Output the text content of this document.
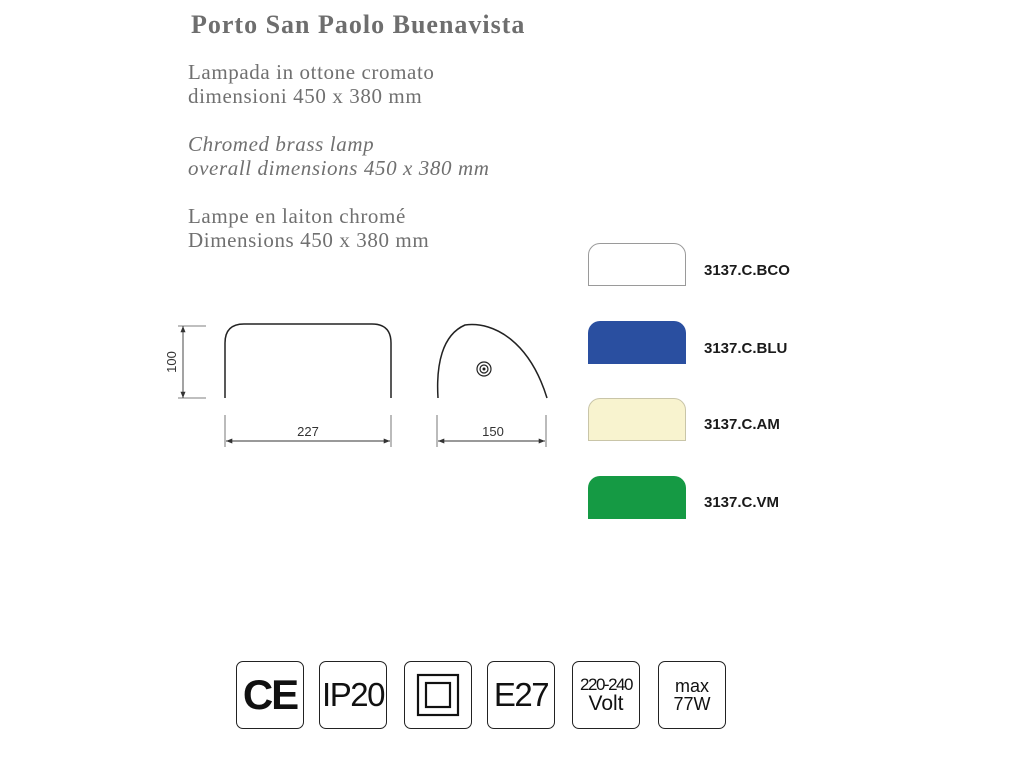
Porto San Paolo Buenavista
Lampada in ottone cromato
dimensioni 450 x 380 mm
Chromed brass lamp
overall dimensions 450 x 380 mm
Lampe en laiton chromé
Dimensions 450 x 380 mm
100
227	150
3137.C.BCO
3137.C.BLU
3137.C.AM
3137.C.VM
CE IP20	E27 220-240
Volt
max
77W
